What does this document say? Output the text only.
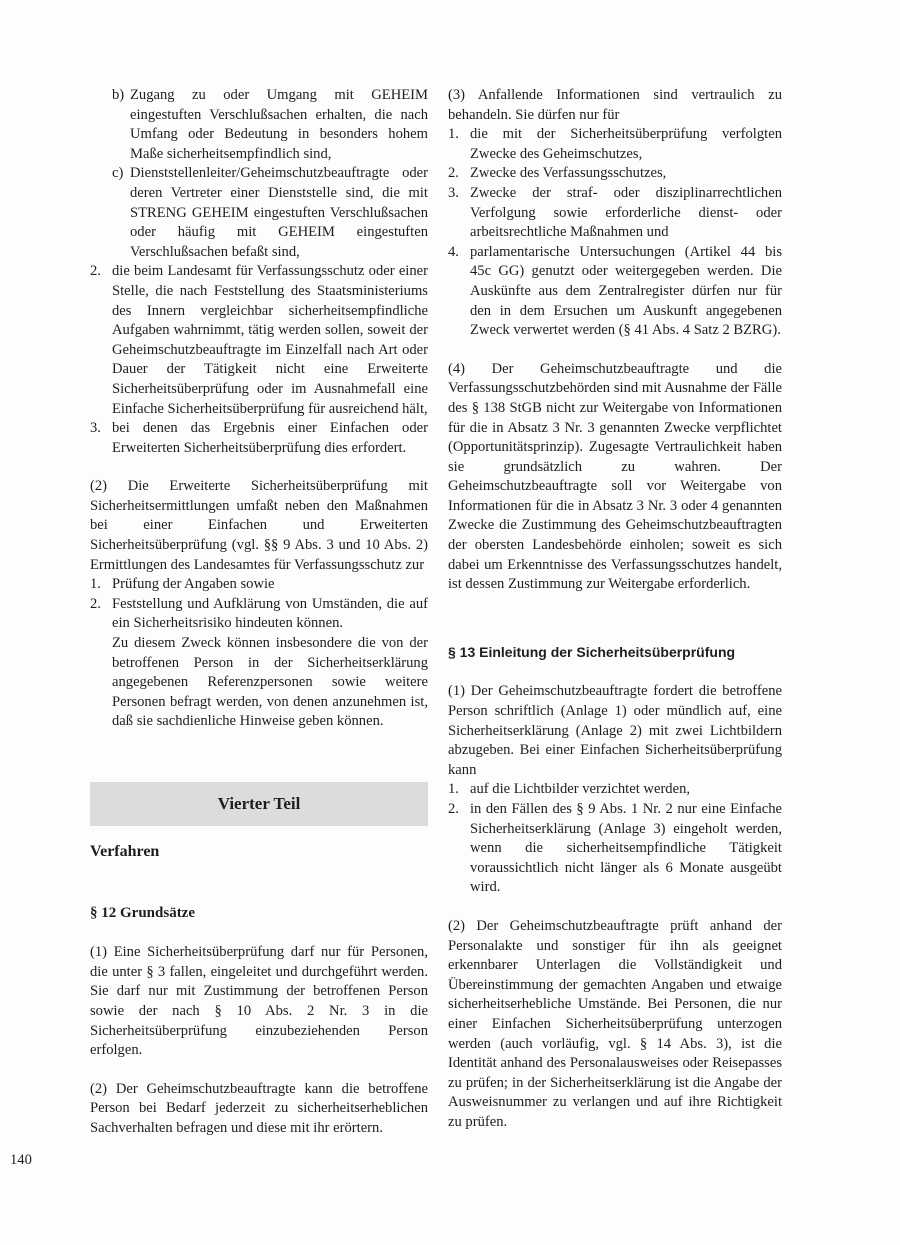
b) Zugang zu oder Umgang mit GEHEIM eingestuften Verschlußsachen erhalten, die nach Umfang oder Bedeutung in besonders hohem Maße sicherheitsempfindlich sind,
c) Dienststellenleiter/Geheimschutzbeauftragte oder deren Vertreter einer Dienststelle sind, die mit STRENG GEHEIM eingestuften Verschlußsachen oder häufig mit GEHEIM eingestuften Verschlußsachen befaßt sind,
2. die beim Landesamt für Verfassungsschutz oder einer Stelle, die nach Feststellung des Staatsministeriums des Innern vergleichbar sicherheitsempfindliche Aufgaben wahrnimmt, tätig werden sollen, soweit der Geheimschutzbeauftragte im Einzelfall nach Art oder Dauer der Tätigkeit nicht eine Erweiterte Sicherheitsüberprüfung oder im Ausnahmefall eine Einfache Sicherheitsüberprüfung für ausreichend hält,
3. bei denen das Ergebnis einer Einfachen oder Erweiterten Sicherheitsüberprüfung dies erfordert.

(2) Die Erweiterte Sicherheitsüberprüfung mit Sicherheitsermittlungen umfaßt neben den Maßnahmen bei einer Einfachen und Erweiterten Sicherheitsüberprüfung (vgl. §§ 9 Abs. 3 und 10 Abs. 2) Ermittlungen des Landesamtes für Verfassungsschutz zur

1. Prüfung der Angaben sowie
2. Feststellung und Aufklärung von Umständen, die auf ein Sicherheitsrisiko hindeuten können.

Zu diesem Zweck können insbesondere die von der betroffenen Person in der Sicherheitserklärung angegebenen Referenzpersonen sowie weitere Personen befragt werden, von denen anzunehmen ist, daß sie sachdienliche Hinweise geben können.

Vierter Teil
Verfahren
§ 12 Grundsätze

(1) Eine Sicherheitsüberprüfung darf nur für Personen, die unter § 3 fallen, eingeleitet und durchgeführt werden. Sie darf nur mit Zustimmung der betroffenen Person sowie der nach § 10 Abs. 2 Nr. 3 in die Sicherheitsüberprüfung einzubeziehenden Person erfolgen.

(2) Der Geheimschutzbeauftragte kann die betroffene Person bei Bedarf jederzeit zu sicherheitserheblichen Sachverhalten befragen und diese mit ihr erörtern.

(3) Anfallende Informationen sind vertraulich zu behandeln. Sie dürfen nur für

1. die mit der Sicherheitsüberprüfung verfolgten Zwecke des Geheimschutzes,
2. Zwecke des Verfassungsschutzes,
3. Zwecke der straf- oder disziplinarrechtlichen Verfolgung sowie erforderliche dienst- oder arbeitsrechtliche Maßnahmen und
4. parlamentarische Untersuchungen (Artikel 44 bis 45c GG) genutzt oder weitergegeben werden. Die Auskünfte aus dem Zentralregister dürfen nur für den in dem Ersuchen um Auskunft angegebenen Zweck verwertet werden (§ 41 Abs. 4 Satz 2 BZRG).

(4) Der Geheimschutzbeauftragte und die Verfassungsschutzbehörden sind mit Ausnahme der Fälle des § 138 StGB nicht zur Weitergabe von Informationen für die in Absatz 3 Nr. 3 genannten Zwecke verpflichtet (Opportunitätsprinzip). Zugesagte Vertraulichkeit haben sie grundsätzlich zu wahren. Der Geheimschutzbeauftragte soll vor Weitergabe von Informationen für die in Absatz 3 Nr. 3 oder 4 genannten Zwecke die Zustimmung des Geheimschutzbeauftragten der obersten Landesbehörde einholen; soweit es sich dabei um Erkenntnisse des Verfassungsschutzes handelt, ist dessen Zustimmung zur Weitergabe erforderlich.

§ 13 Einleitung der Sicherheitsüberprüfung

(1) Der Geheimschutzbeauftragte fordert die betroffene Person schriftlich (Anlage 1) oder mündlich auf, eine Sicherheitserklärung (Anlage 2) mit zwei Lichtbildern abzugeben. Bei einer Einfachen Sicherheitsüberprüfung kann

1. auf die Lichtbilder verzichtet werden,
2. in den Fällen des § 9 Abs. 1 Nr. 2 nur eine Einfache Sicherheitserklärung (Anlage 3) eingeholt werden, wenn die sicherheitsempfindliche Tätigkeit voraussichtlich nicht länger als 6 Monate ausgeübt wird.

(2) Der Geheimschutzbeauftragte prüft anhand der Personalakte und sonstiger für ihn als geeignet erkennbarer Unterlagen die Vollständigkeit und Übereinstimmung der gemachten Angaben und etwaige sicherheitserhebliche Umstände. Bei Personen, die nur einer Einfachen Sicherheitsüberprüfung unterzogen werden (auch vorläufig, vgl. § 14 Abs. 3), ist die Identität anhand des Personalausweises oder Reisepasses zu prüfen; in der Sicherheitserklärung ist die Angabe der Ausweisnummer zu verlangen und auf ihre Richtigkeit zu prüfen.

140
